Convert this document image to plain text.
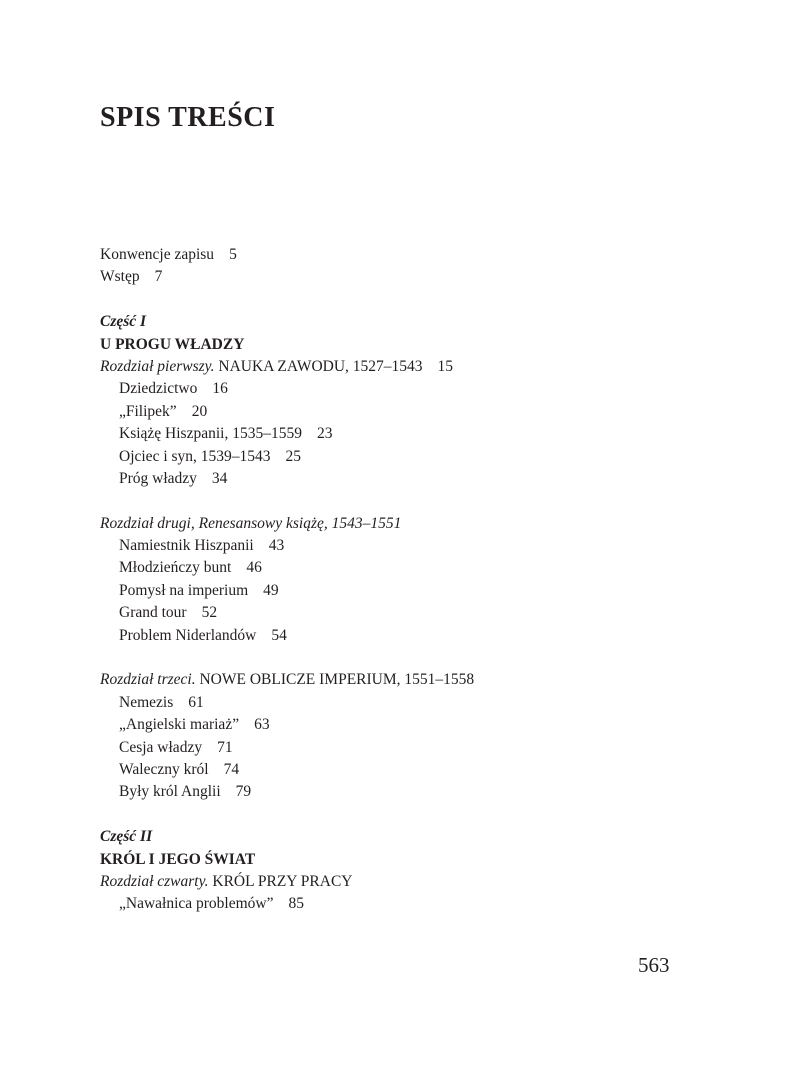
SPIS TREŚCI
Konwencje zapisu 5
Wstęp 7
Część I
U PROGU WŁADZY
Rozdział pierwszy. NAUKA ZAWODU, 1527–1543 15
Dziedzictwo 16
„Filipek” 20
Książę Hiszpanii, 1535–1559 23
Ojciec i syn, 1539–1543 25
Próg władzy 34
Rozdział drugi, Renesansowy książę, 1543–1551
Namiestnik Hiszpanii 43
Młodzieńczy bunt 46
Pomysł na imperium 49
Grand tour 52
Problem Niderlandów 54
Rozdział trzeci. NOWE OBLICZE IMPERIUM, 1551–1558
Nemezis 61
„Angielski mariaż” 63
Cesja władzy 71
Waleczny król 74
Były król Anglii 79
Część II
KRÓL I JEGO ŚWIAT
Rozdział czwarty. KRÓL PRZY PRACY
„Nawałnica problemów” 85
563
